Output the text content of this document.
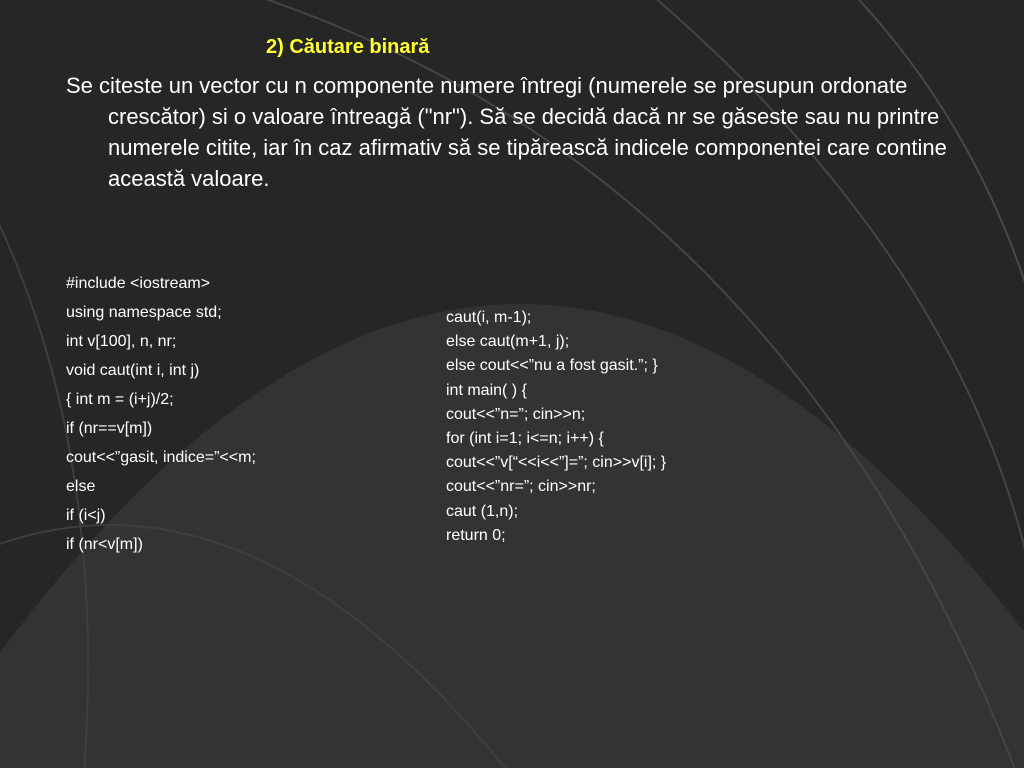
2) Căutare binară

Se citeste un vector cu n componente numere întregi (numerele se presupun ordonate crescător) si o valoare întreagă ("nr"). Să se decidă dacă nr se găseste sau nu printre numerele citite, iar în caz afirmativ să se tipărească indicele componentei care contine această valoare.

#include <iostream>
using namespace std;
int v[100], n, nr;
void caut(int i, int j)
{ int m = (i+j)/2;
if (nr==v[m])
cout<<”gasit, indice=”<<m;
else
if (i<j)
if (nr<v[m])
caut(i, m-1);
else caut(m+1, j);
else cout<<”nu a fost gasit.”; }
int main( ) {
cout<<”n=”; cin>>n;
for (int i=1; i<=n; i++) {
cout<<”v[“<<i<<”]=”; cin>>v[i]; }
cout<<”nr=”; cin>>nr;
caut (1,n);
return 0;
